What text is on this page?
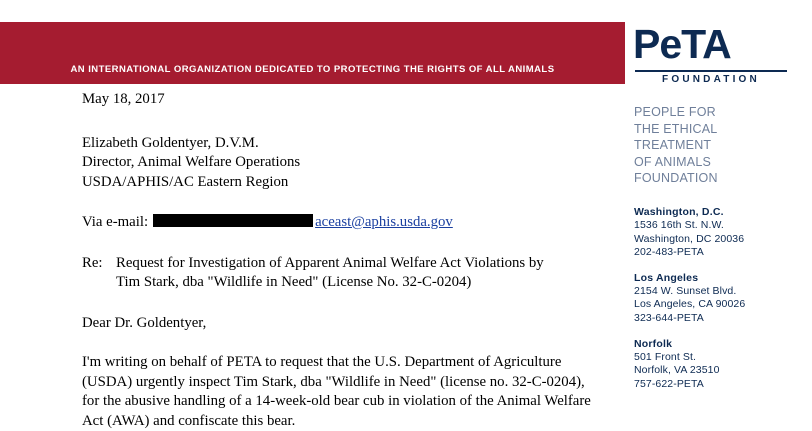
AN INTERNATIONAL ORGANIZATION DEDICATED TO PROTECTING THE RIGHTS OF ALL ANIMALS
PeTA
FOUNDATION
PEOPLE FOR
THE ETHICAL
TREATMENT
OF ANIMALS
FOUNDATION
Washington, D.C.
1536 16th St. N.W.
Washington, DC 20036
202-483-PETA
Los Angeles
2154 W. Sunset Blvd.
Los Angeles, CA 90026
323-644-PETA
Norfolk
501 Front St.
Norfolk, VA 23510
757-622-PETA

May 18, 2017

Elizabeth Goldentyer, D.V.M.

Director, Animal Welfare Operations

USDA/APHIS/AC Eastern Region

Via e-mail:	aceast@aphis.usda.gov

Re: Request for Investigation of Apparent Animal Welfare Act Violations by
Tim Stark, dba "Wildlife in Need" (License No. 32-C-0204)

Dear Dr. Goldentyer,

I'm writing on behalf of PETA to request that the U.S. Department of Agriculture (USDA) urgently inspect Tim Stark, dba "Wildlife in Need" (license no. 32-C-0204), for the abusive handling of a 14-week-old bear cub in violation of the Animal Welfare Act (AWA) and confiscate this bear.
